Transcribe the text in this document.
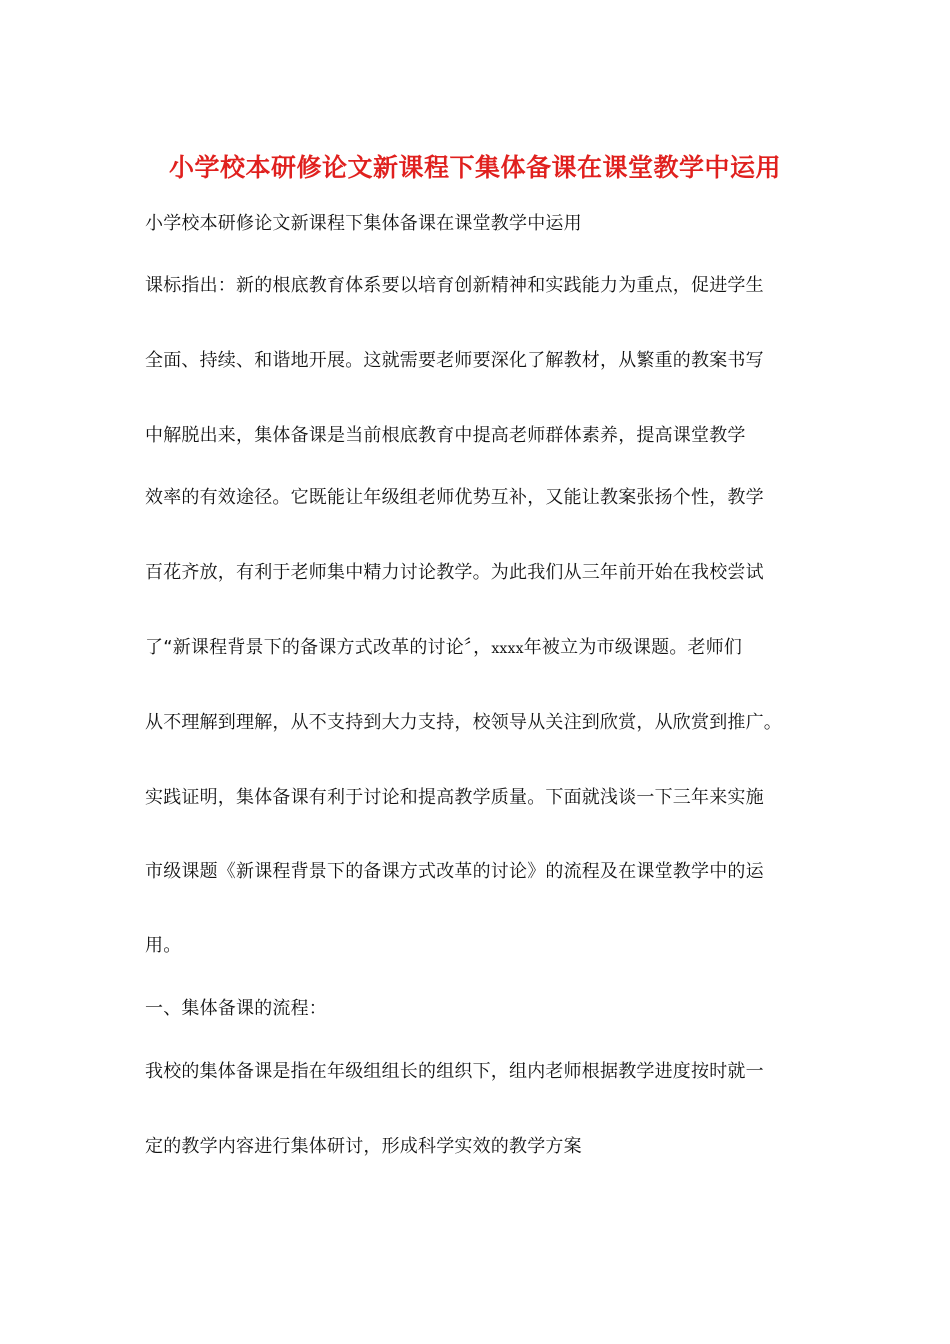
小学校本研修论文新课程下集体备课在课堂教学中运用
小学校本研修论文新课程下集体备课在课堂教学中运用
课标指出：新的根底教育体系要以培育创新精神和实践能力为重点，促进学生
全面、持续、和谐地开展。这就需要老师要深化了解教材，从繁重的教案书写
中解脱出来，集体备课是当前根底教育中提高老师群体素养，提高课堂教学
效率的有效途径。它既能让年级组老师优势互补，又能让教案张扬个性，教学
百花齐放，有利于老师集中精力讨论教学。为此我们从三年前开始在我校尝试
了“新课程背景下的备课方式改革的讨论〞，xxxx年被立为市级课题。老师们
从不理解到理解，从不支持到大力支持，校领导从关注到欣赏，从欣赏到推广。
实践证明，集体备课有利于讨论和提高教学质量。下面就浅谈一下三年来实施
市级课题《新课程背景下的备课方式改革的讨论》的流程及在课堂教学中的运
用。
一、集体备课的流程：
我校的集体备课是指在年级组组长的组织下，组内老师根据教学进度按时就一
定的教学内容进行集体研讨，形成科学实效的教学方案
